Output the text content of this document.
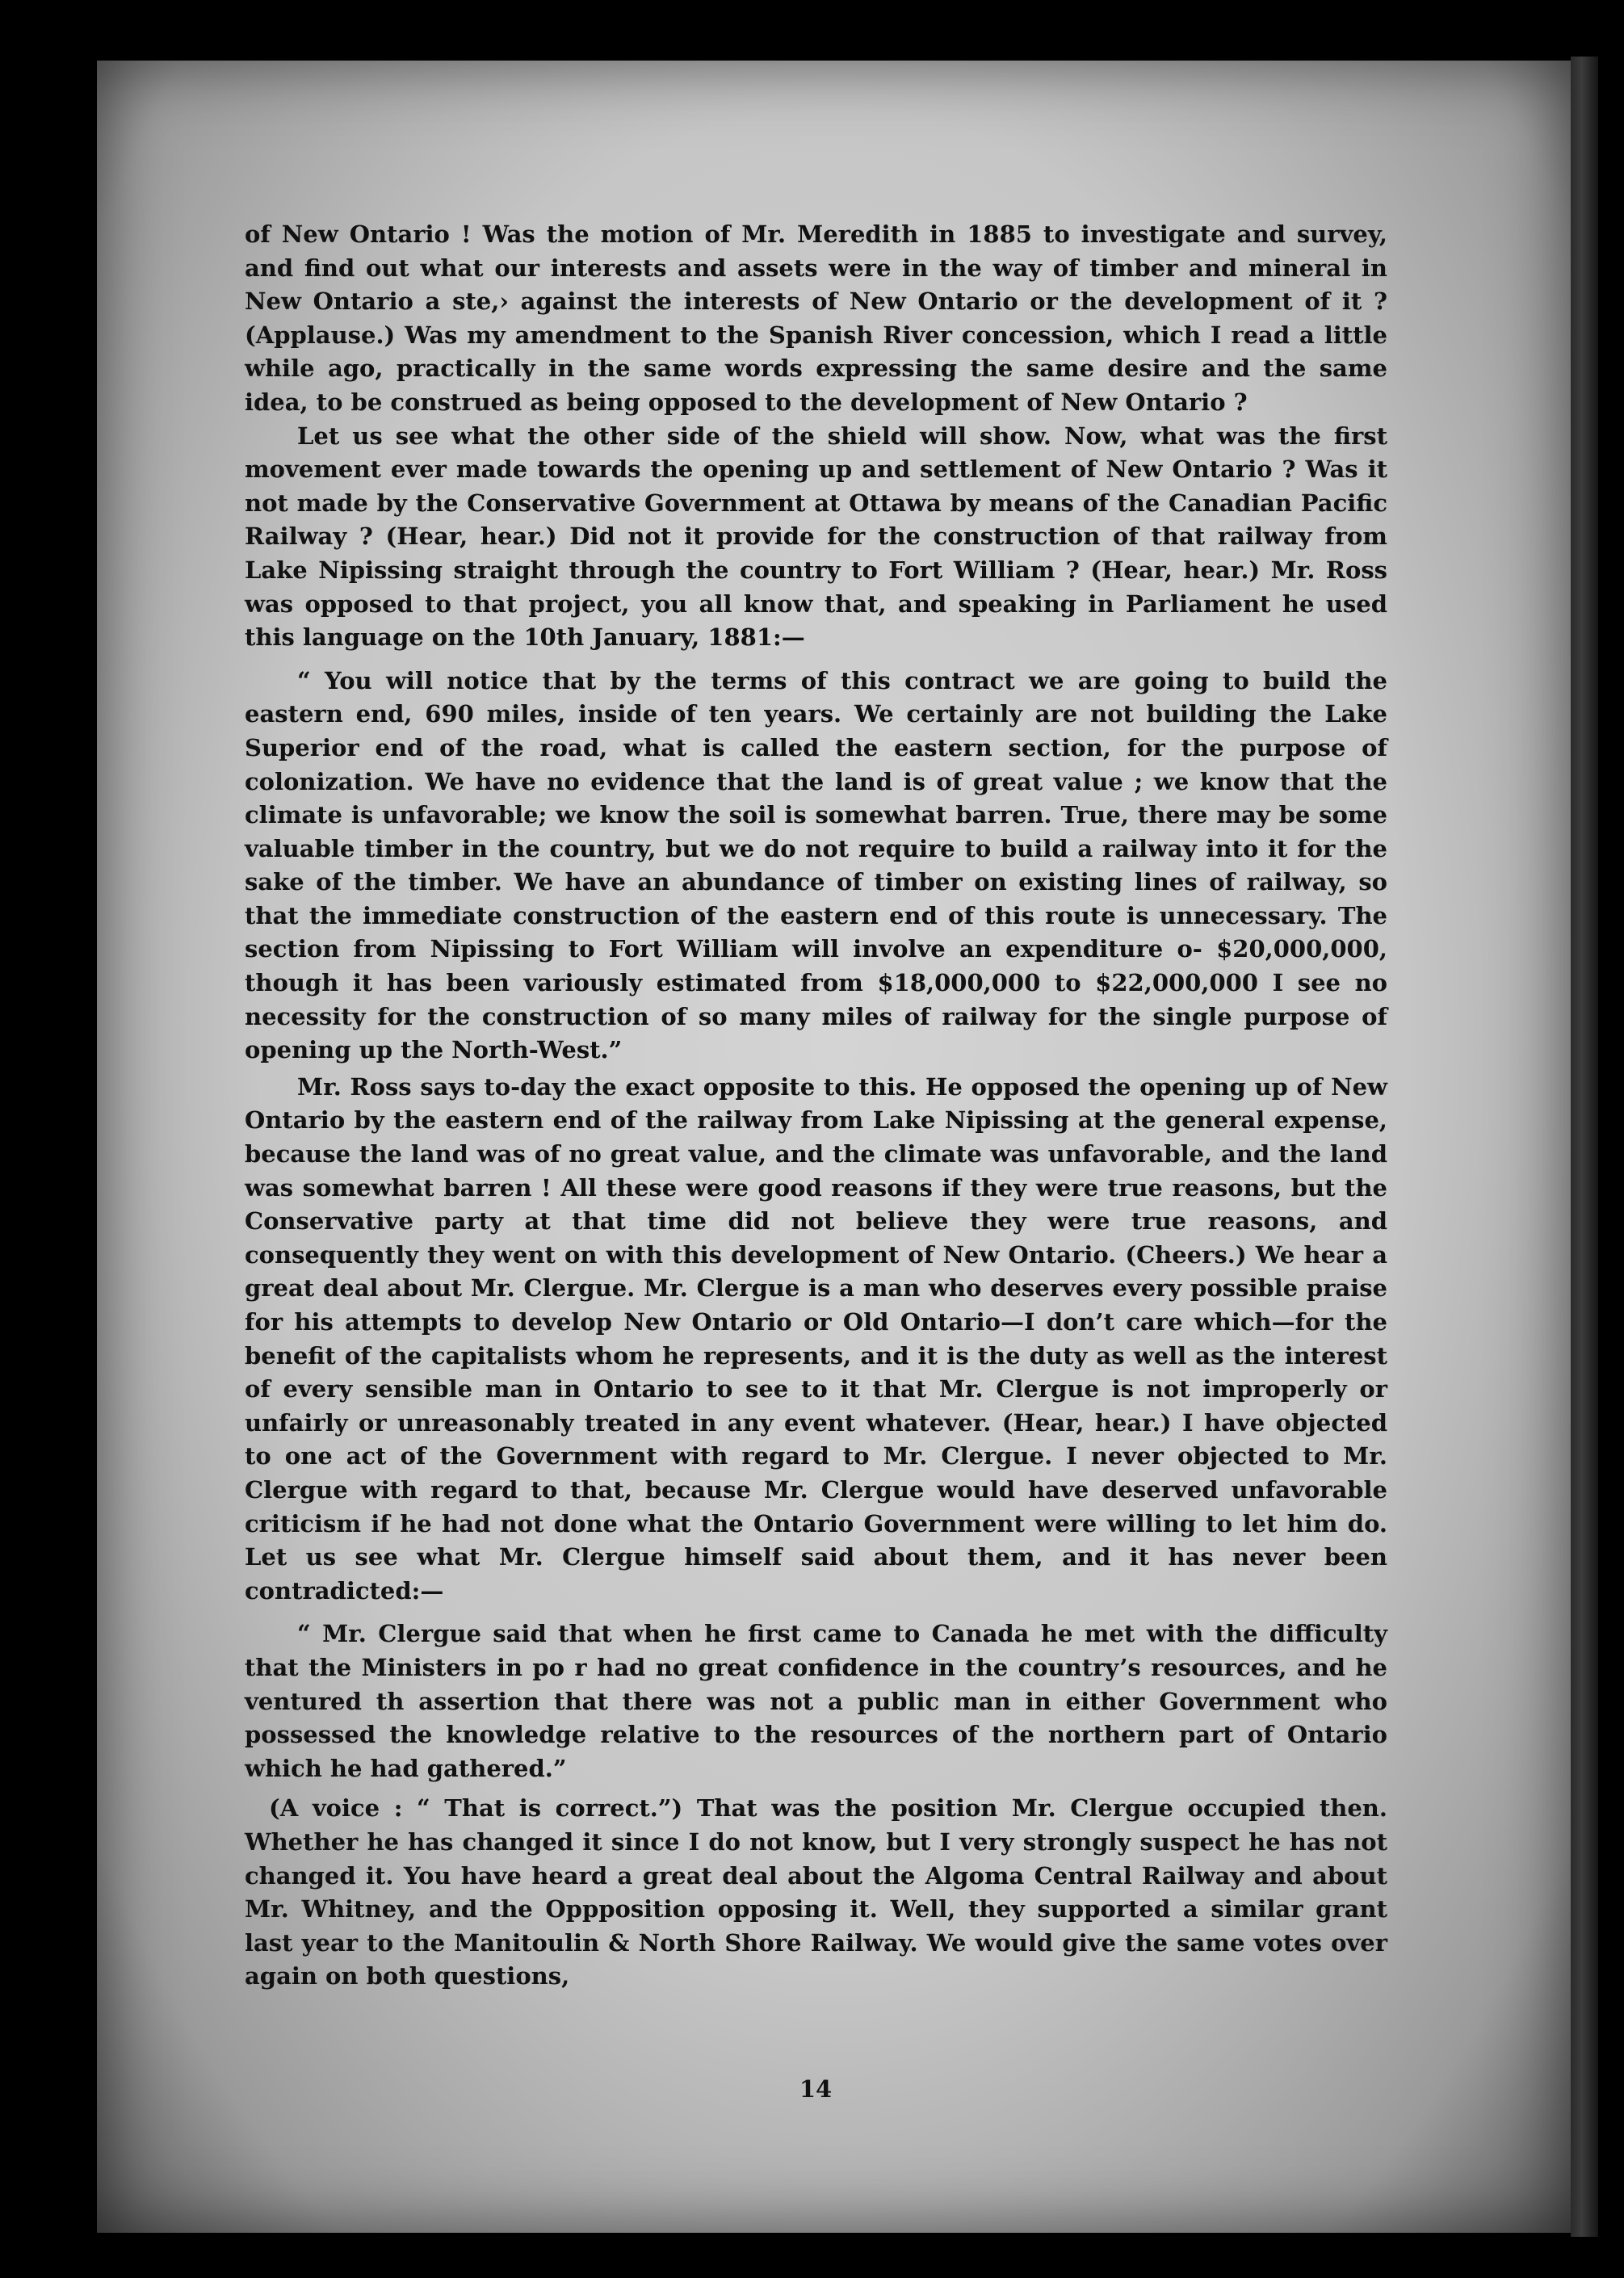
of New Ontario ! Was the motion of Mr. Meredith in 1885 to investigate and survey, and find out what our interests and assets were in the way of timber and mineral in New Ontario a ste,› against the interests of New Ontario or the development of it ? (Applause.) Was my amendment to the Spanish River concession, which I read a little while ago, practically in the same words expressing the same desire and the same idea, to be construed as being opposed to the development of New Ontario ?

Let us see what the other side of the shield will show. Now, what was the first movement ever made towards the opening up and settlement of New Ontario ? Was it not made by the Conservative Government at Ottawa by means of the Canadian Pacific Railway ? (Hear, hear.) Did not it provide for the construction of that railway from Lake Nipissing straight through the country to Fort William ? (Hear, hear.) Mr. Ross was opposed to that project, you all know that, and speaking in Parliament he used this language on the 10th January, 1881:—

“ You will notice that by the terms of this contract we are going to build the eastern end, 690 miles, inside of ten years. We certainly are not building the Lake Superior end of the road, what is called the eastern section, for the purpose of colonization. We have no evidence that the land is of great value ; we know that the climate is unfavorable; we know the soil is somewhat barren. True, there may be some valuable timber in the country, but we do not require to build a railway into it for the sake of the timber. We have an abundance of timber on existing lines of railway, so that the immediate construction of the eastern end of this route is unnecessary. The section from Nipissing to Fort William will involve an expenditure o‑ $20,000,000, though it has been variously estimated from $18,000,000 to $22,000,000 I see no necessity for the construction of so many miles of railway for the single purpose of opening up the North-West.”

Mr. Ross says to-day the exact opposite to this. He opposed the opening up of New Ontario by the eastern end of the railway from Lake Nipissing at the general expense, because the land was of no great value, and the climate was unfavorable, and the land was somewhat barren ! All these were good reasons if they were true reasons, but the Conservative party at that time did not believe they were true reasons, and consequently they went on with this development of New Ontario. (Cheers.) We hear a great deal about Mr. Clergue. Mr. Clergue is a man who deserves every possible praise for his attempts to develop New Ontario or Old Ontario—I don’t care which—for the benefit of the capitalists whom he represents, and it is the duty as well as the interest of every sensible man in Ontario to see to it that Mr. Clergue is not improperly or unfairly or unreasonably treated in any event whatever. (Hear, hear.) I have objected to one act of the Government with regard to Mr. Clergue. I never objected to Mr. Clergue with regard to that, because Mr. Clergue would have deserved unfavorable criticism if he had not done what the Ontario Government were willing to let him do. Let us see what Mr. Clergue himself said about them, and it has never been contradicted:—

“ Mr. Clergue said that when he first came to Canada he met with the difficulty that the Ministers in po r had no great confidence in the country’s resources, and he ventured th assertion that there was not a public man in either Government who possessed the knowledge relative to the resources of the northern part of Ontario which he had gathered.”

(A voice : “ That is correct.”) That was the position Mr. Clergue occupied then. Whether he has changed it since I do not know, but I very strongly suspect he has not changed it. You have heard a great deal about the Algoma Central Railway and about Mr. Whitney, and the Oppposition opposing it. Well, they supported a similar grant last year to the Manitoulin & North Shore Railway. We would give the same votes over again on both questions,

14
